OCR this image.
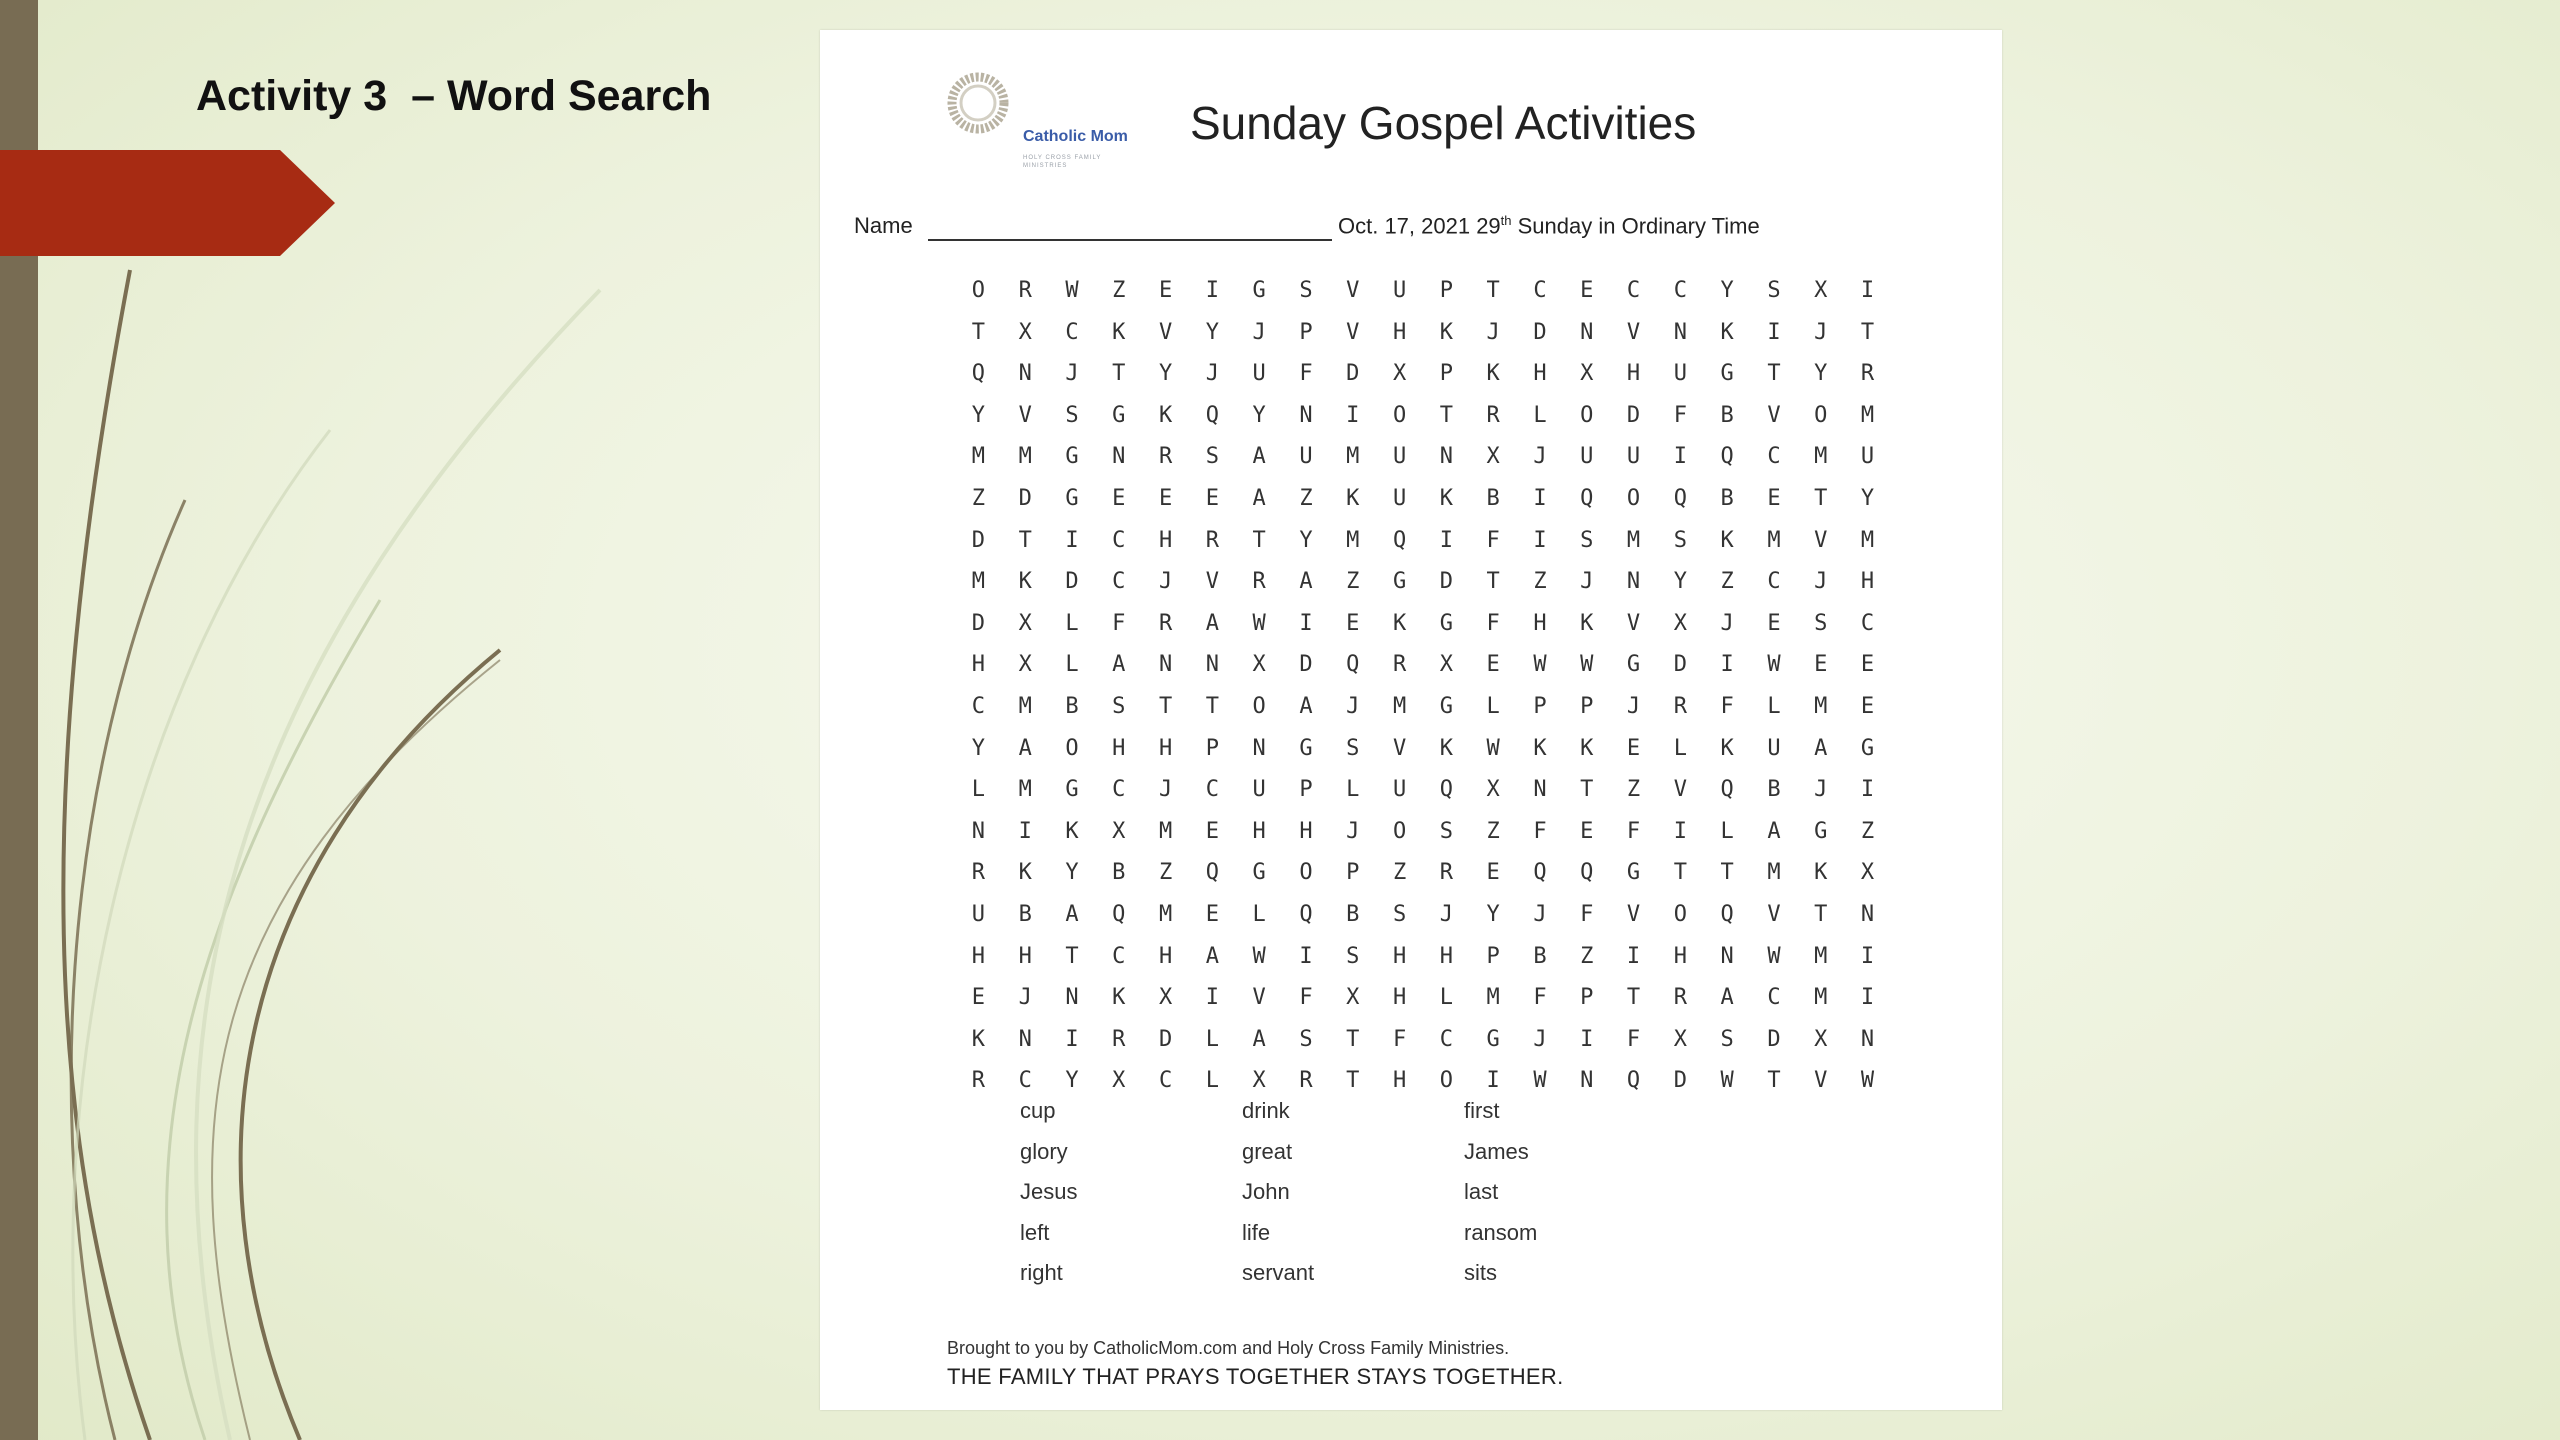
Activity 3  – Word Search
Catholic Mom
HOLY CROSS FAMILY MINISTRIES
Sunday Gospel Activities
Name	Oct. 17, 2021 29th Sunday in Ordinary Time
O	R	W	Z	E	I	G	S	V	U	P	T	C	E	C	C	Y	S	X	I
T	X	C	K	V	Y	J	P	V	H	K	J	D	N	V	N	K	I	J	T
Q	N	J	T	Y	J	U	F	D	X	P	K	H	X	H	U	G	T	Y	R
Y	V	S	G	K	Q	Y	N	I	O	T	R	L	O	D	F	B	V	O	M
M	M	G	N	R	S	A	U	M	U	N	X	J	U	U	I	Q	C	M	U
Z	D	G	E	E	E	A	Z	K	U	K	B	I	Q	O	Q	B	E	T	Y
D	T	I	C	H	R	T	Y	M	Q	I	F	I	S	M	S	K	M	V	M
M	K	D	C	J	V	R	A	Z	G	D	T	Z	J	N	Y	Z	C	J	H
D	X	L	F	R	A	W	I	E	K	G	F	H	K	V	X	J	E	S	C
H	X	L	A	N	N	X	D	Q	R	X	E	W	W	G	D	I	W	E	E
C	M	B	S	T	T	O	A	J	M	G	L	P	P	J	R	F	L	M	E
Y	A	O	H	H	P	N	G	S	V	K	W	K	K	E	L	K	U	A	G
L	M	G	C	J	C	U	P	L	U	Q	X	N	T	Z	V	Q	B	J	I
N	I	K	X	M	E	H	H	J	O	S	Z	F	E	F	I	L	A	G	Z
R	K	Y	B	Z	Q	G	O	P	Z	R	E	Q	Q	G	T	T	M	K	X
U	B	A	Q	M	E	L	Q	B	S	J	Y	J	F	V	O	Q	V	T	N
H	H	T	C	H	A	W	I	S	H	H	P	B	Z	I	H	N	W	M	I
E	J	N	K	X	I	V	F	X	H	L	M	F	P	T	R	A	C	M	I
K	N	I	R	D	L	A	S	T	F	C	G	J	I	F	X	S	D	X	N
R	C	Y	X	C	L	X	R	T	H	O	I	W	N	Q	D	W	T	V	W
cup	drink	first
glory	great	James
Jesus	John	last
left	life	ransom
right	servant	sits
Brought to you by CatholicMom.com and Holy Cross Family Ministries.
THE FAMILY THAT PRAYS TOGETHER STAYS TOGETHER.
